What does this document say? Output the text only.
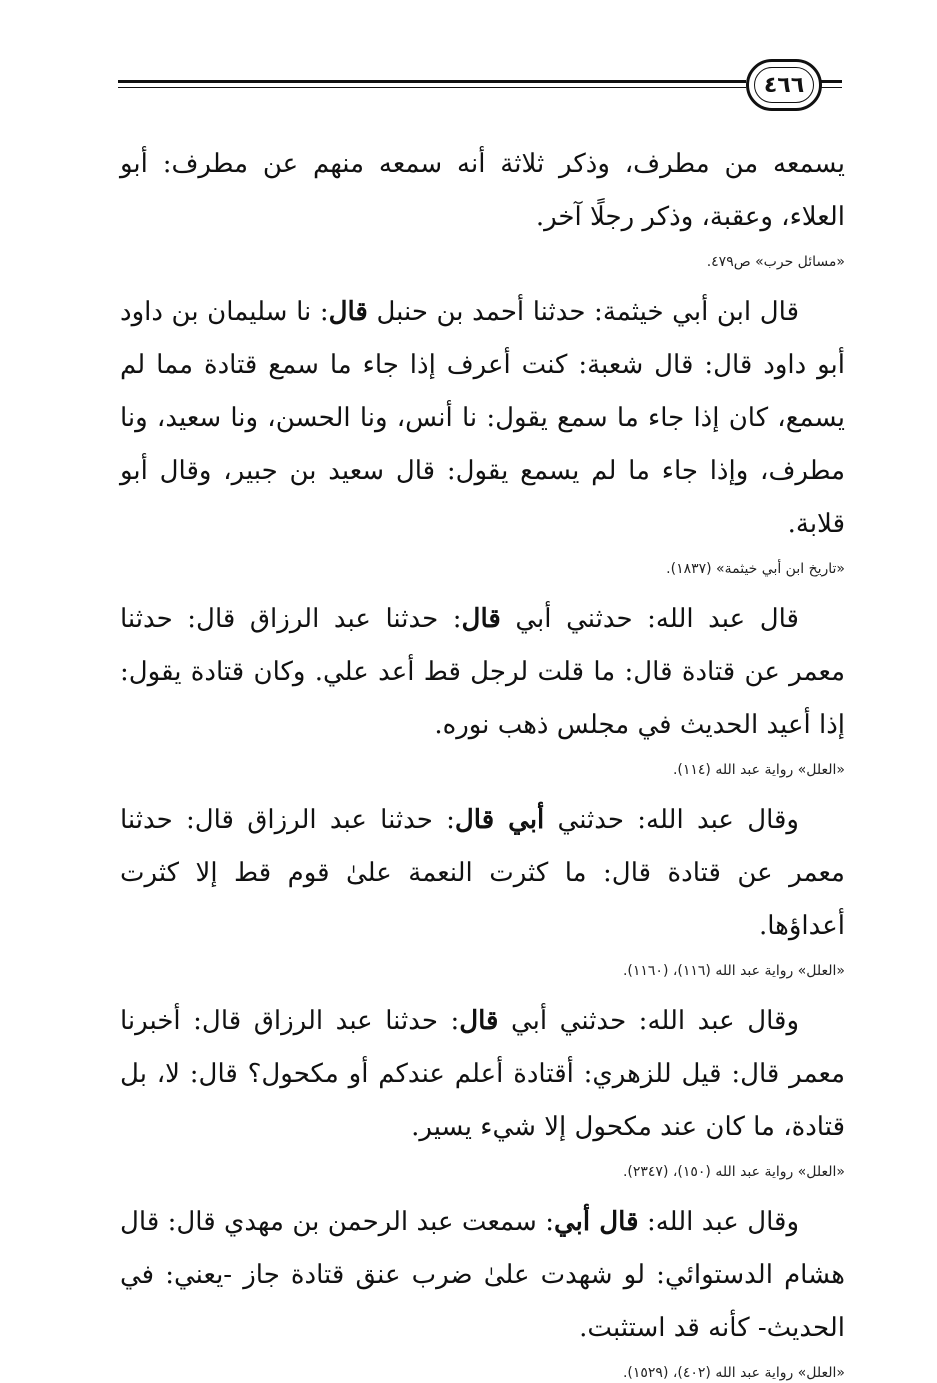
٤٦٦

يسمعه من مطرف، وذكر ثلاثة أنه سمعه منهم عن مطرف: أبو العلاء، وعقبة، وذكر رجلًا آخر.

«مسائل حرب» ص٤٧٩.

قال ابن أبي خيثمة: حدثنا أحمد بن حنبل قال: نا سليمان بن داود أبو داود قال: قال شعبة: كنت أعرف إذا جاء ما سمع قتادة مما لم يسمع، كان إذا جاء ما سمع يقول: نا أنس، ونا الحسن، ونا سعيد، ونا مطرف، وإذا جاء ما لم يسمع يقول: قال سعيد بن جبير، وقال أبو قلابة.

«تاريخ ابن أبي خيثمة» (١٨٣٧).

قال عبد الله: حدثني أبي قال: حدثنا عبد الرزاق قال: حدثنا معمر عن قتادة قال: ما قلت لرجل قط أعد علي. وكان قتادة يقول: إذا أعيد الحديث في مجلس ذهب نوره.

«العلل» رواية عبد الله (١١٤).

وقال عبد الله: حدثني أبي قال: حدثنا عبد الرزاق قال: حدثنا معمر عن قتادة قال: ما كثرت النعمة علىٰ قوم قط إلا كثرت أعداؤها.

«العلل» رواية عبد الله (١١٦)، (١١٦٠).

وقال عبد الله: حدثني أبي قال: حدثنا عبد الرزاق قال: أخبرنا معمر قال: قيل للزهري: أقتادة أعلم عندكم أو مكحول؟ قال: لا، بل قتادة، ما كان عند مكحول إلا شيء يسير.

«العلل» رواية عبد الله (١٥٠)، (٢٣٤٧).

وقال عبد الله: قال أبي: سمعت عبد الرحمن بن مهدي قال: قال هشام الدستوائي: لو شهدت علىٰ ضرب عنق قتادة جاز -يعني: في الحديث- كأنه قد استثبت.

«العلل» رواية عبد الله (٤٠٢)، (١٥٢٩).
